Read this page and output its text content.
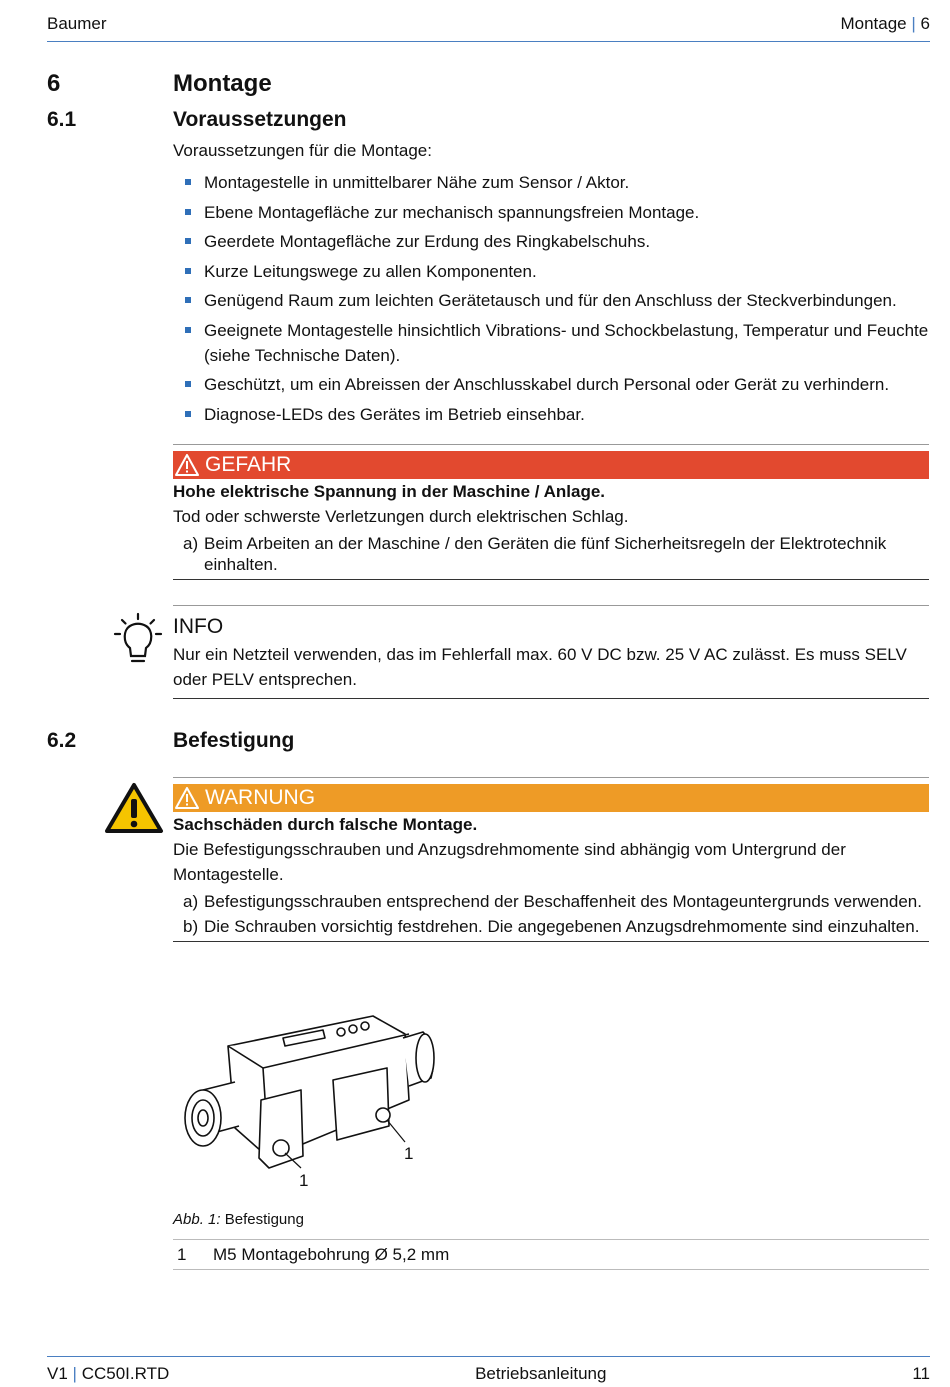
Baumer	Montage | 6
6	Montage
6.1	Voraussetzungen
Voraussetzungen für die Montage:
Montagestelle in unmittelbarer Nähe zum Sensor / Aktor.
Ebene Montagefläche zur mechanisch spannungsfreien Montage.
Geerdete Montagefläche zur Erdung des Ringkabelschuhs.
Kurze Leitungswege zu allen Komponenten.
Genügend Raum zum leichten Gerätetausch und für den Anschluss der Steckverbindungen.
Geeignete Montagestelle hinsichtlich Vibrations- und Schockbelastung, Temperatur und Feuchte (siehe Technische Daten).
Geschützt, um ein Abreissen der Anschlusskabel durch Personal oder Gerät zu verhindern.
Diagnose-LEDs des Gerätes im Betrieb einsehbar.
GEFAHR
Hohe elektrische Spannung in der Maschine / Anlage.
Tod oder schwerste Verletzungen durch elektrischen Schlag.
a) Beim Arbeiten an der Maschine / den Geräten die fünf Sicherheitsregeln der Elektrotechnik einhalten.
INFO
Nur ein Netzteil verwenden, das im Fehlerfall max. 60 V DC bzw. 25 V AC zulässt. Es muss SELV oder PELV entsprechen.
6.2	Befestigung
WARNUNG
Sachschäden durch falsche Montage.
Die Befestigungsschrauben und Anzugsdrehmomente sind abhängig vom Untergrund der Montagestelle.
a) Befestigungsschrauben entsprechend der Beschaffenheit des Montageuntergrunds verwenden.
b) Die Schrauben vorsichtig festdrehen. Die angegebenen Anzugsdrehmomente sind einzuhalten.
1
1
Abb. 1: Befestigung
1	M5 Montagebohrung Ø 5,2 mm
V1 | CC50I.RTD	Betriebsanleitung	11
